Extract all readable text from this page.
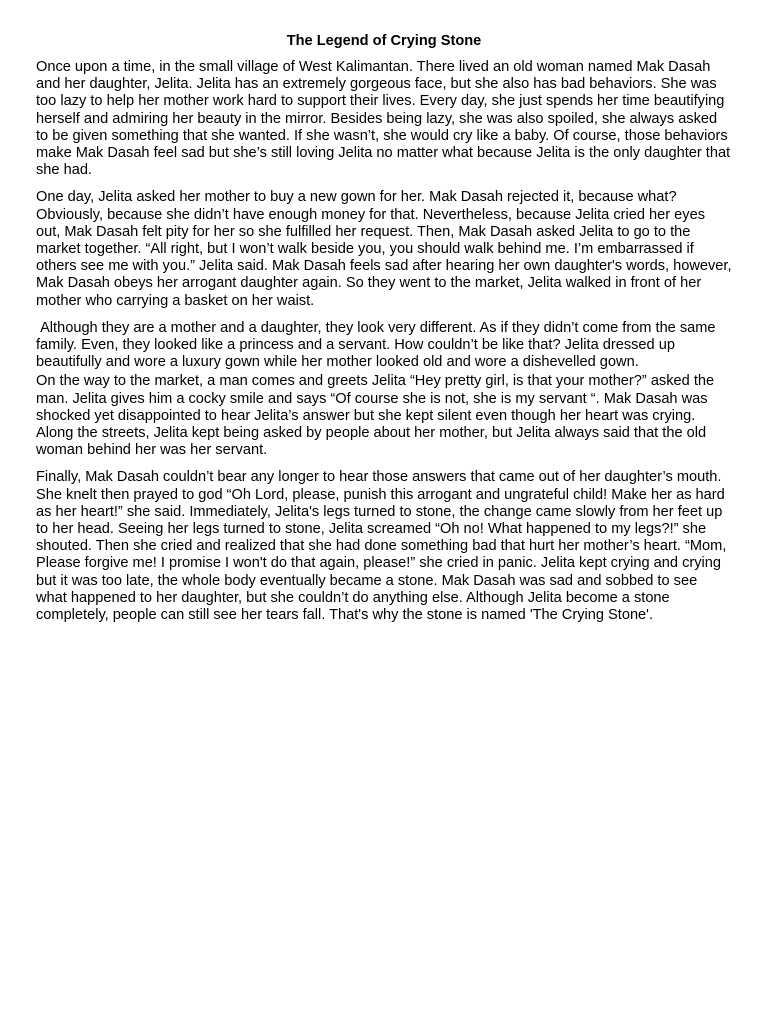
The Legend of Crying Stone

Once upon a time, in the small village of West Kalimantan. There lived an old woman named Mak Dasah and her daughter, Jelita. Jelita has an extremely gorgeous face, but she also has bad behaviors. She was too lazy to help her mother work hard to support their lives. Every day, she just spends her time beautifying herself and admiring her beauty in the mirror. Besides being lazy, she was also spoiled, she always asked to be given something that she wanted. If she wasn’t, she would cry like a baby. Of course, those behaviors make Mak Dasah feel sad but she’s still loving Jelita no matter what because Jelita is the only daughter that she had.

One day, Jelita asked her mother to buy a new gown for her. Mak Dasah rejected it, because what? Obviously, because she didn’t have enough money for that. Nevertheless, because Jelita cried her eyes out, Mak Dasah felt pity for her so she fulfilled her request. Then, Mak Dasah asked Jelita to go to the market together. “All right, but I won’t walk beside you, you should walk behind me. I’m embarrassed if others see me with you.” Jelita said. Mak Dasah feels sad after hearing her own daughter's words, however, Mak Dasah obeys her arrogant daughter again. So they went to the market, Jelita walked in front of her mother who carrying a basket on her waist.

Although they are a mother and a daughter, they look very different. As if they didn’t come from the same family. Even, they looked like a princess and a servant. How couldn’t be like that? Jelita dressed up beautifully and wore a luxury gown while her mother looked old and wore a dishevelled gown.

On the way to the market, a man comes and greets Jelita “Hey pretty girl, is that your mother?” asked the man. Jelita gives him a cocky smile and says “Of course she is not, she is my servant “. Mak Dasah was shocked yet disappointed to hear Jelita’s answer but she kept silent even though her heart was crying. Along the streets, Jelita kept being asked by people about her mother, but Jelita always said that the old woman behind her was her servant.

Finally, Mak Dasah couldn’t bear any longer to hear those answers that came out of her daughter’s mouth. She knelt then prayed to god “Oh Lord, please, punish this arrogant and ungrateful child! Make her as hard as her heart!” she said. Immediately, Jelita's legs turned to stone, the change came slowly from her feet up to her head. Seeing her legs turned to stone, Jelita screamed “Oh no! What happened to my legs?!” she shouted. Then she cried and realized that she had done something bad that hurt her mother’s heart. “Mom, Please forgive me! I promise I won't do that again, please!” she cried in panic. Jelita kept crying and crying but it was too late, the whole body eventually became a stone. Mak Dasah was sad and sobbed to see what happened to her daughter, but she couldn’t do anything else. Although Jelita become a stone completely, people can still see her tears fall. That's why the stone is named 'The Crying Stone'.
